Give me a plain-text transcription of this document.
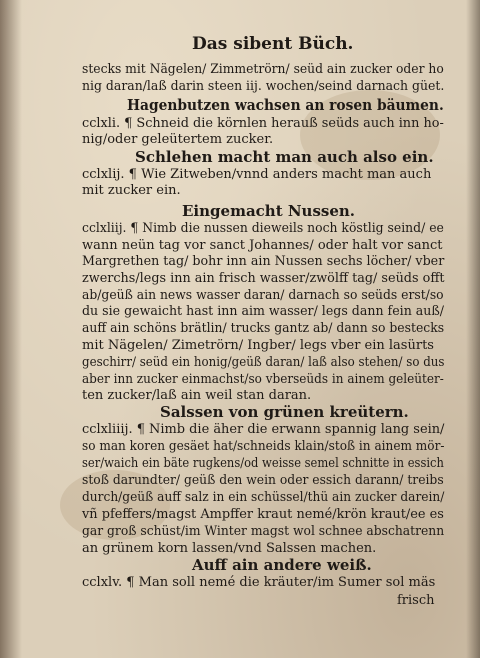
Das sibent Büch.
stecks mit Nägelen/ Zimmetrörn/ seüd ain zucker oder ho
nig daran/laß darin steen iij. wochen/seind darnach güet.
Hagenbutzen wachsen an rosen bäumen.
cclxli. ¶ Schneid die körnlen herauß seüds auch inn ho-
nig/oder geleütertem zucker.
Schlehen macht man auch also ein.
cclxlij. ¶ Wie Zitweben/vnnd anders macht man auch
mit zucker ein.
Eingemacht Nussen.
cclxliij. ¶ Nimb die nussen dieweils noch köstlig seind/ ee
wann neün tag vor sanct Johannes/ oder halt vor sanct
Margrethen tag/ bohr inn ain Nussen sechs löcher/ vber
zwerchs/legs inn ain frisch wasser/zwölff tag/ seüds offt
ab/geüß ain news wasser daran/ darnach so seüds erst/so
du sie gewaicht hast inn aim wasser/ legs dann fein auß/
auff ain schöns brätlin/ trucks gantz ab/ dann so bestecks
mit Nägelen/ Zimetrörn/ Ingber/ legs vber ein lasürts
geschirr/ seüd ein honig/geüß daran/ laß also stehen/ so dus
aber inn zucker einmachst/so vberseüds in ainem geleüter-
ten zucker/laß ain weil stan daran.
Salssen von grünen kreütern.
cclxliiij. ¶ Nimb die äher die erwann spannig lang sein/
so man koren gesäet hat/schneids klain/stoß in ainem mör-
ser/waich ein bäte rugkens/od weisse semel schnitte in essich
stoß darundter/ geüß den wein oder essich darann/ treibs
durch/geüß auff salz in ein schüssel/thü ain zucker darein/
vñ pfeffers/magst Ampffer kraut nemé/krön kraut/ee es
gar groß schüst/im Winter magst wol schnee abschatrenn
an grünem korn lassen/vnd Salssen machen.
Auff ain andere weiß.
cclxlv. ¶ Man soll nemé die kräuter/im Sumer sol mäs
frisch
